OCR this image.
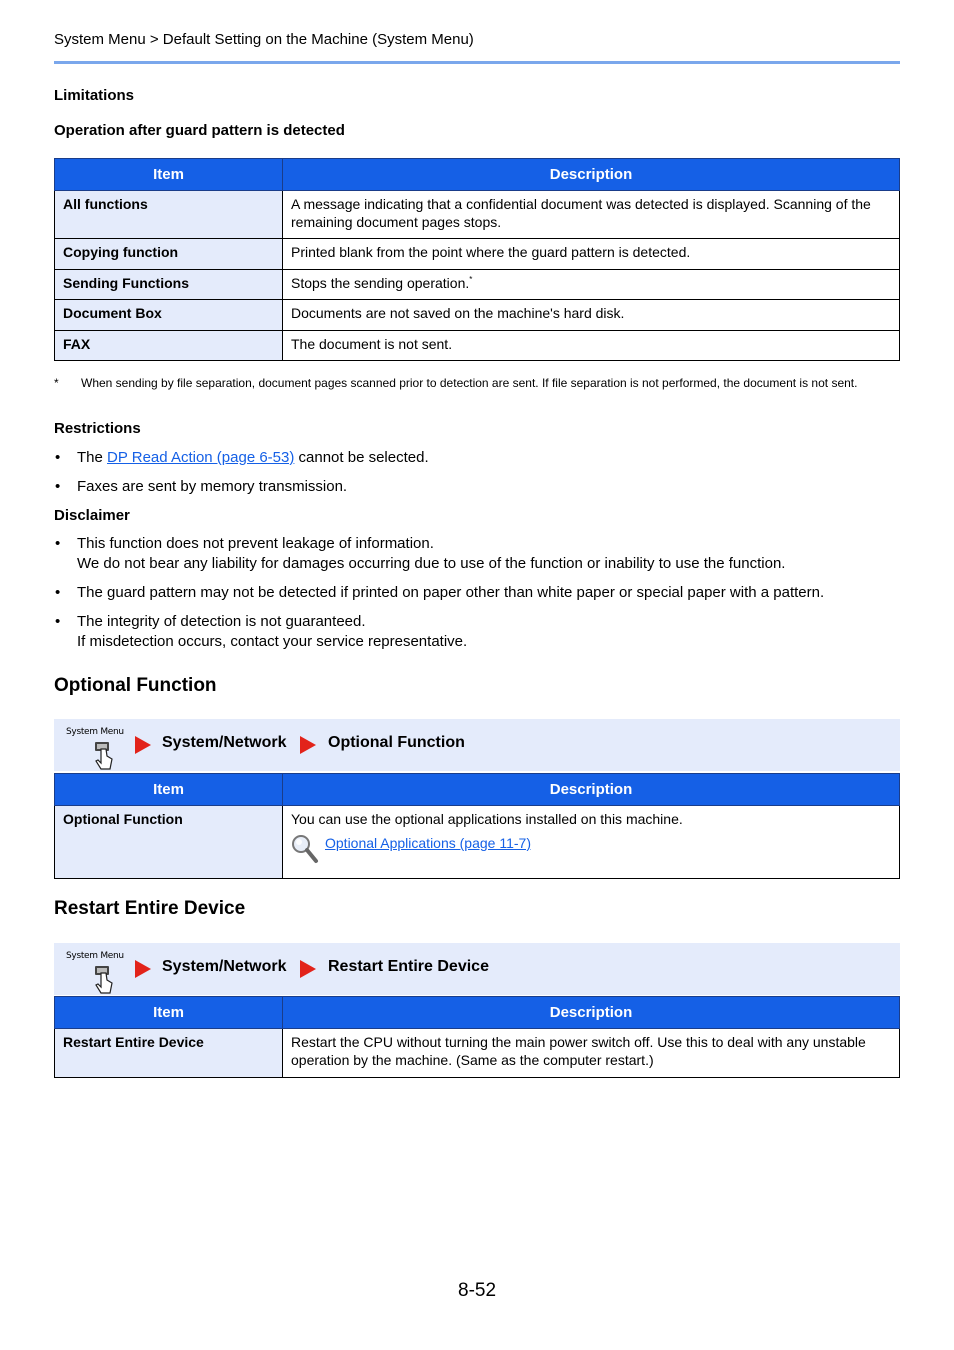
System Menu > Default Setting on the Machine (System Menu)
Limitations
Operation after guard pattern is detected
Item	Description
All functions	A message indicating that a confidential document was detected is displayed. Scanning of the remaining document pages stops.
Copying function	Printed blank from the point where the guard pattern is detected.
Sending Functions	Stops the sending operation.*
Document Box	Documents are not saved on the machine's hard disk.
FAX	The document is not sent.
* When sending by file separation, document pages scanned prior to detection are sent. If file separation is not performed, the document is not sent.
Restrictions
• The DP Read Action (page 6-53) cannot be selected.
• Faxes are sent by memory transmission.
Disclaimer
• This function does not prevent leakage of information.
We do not bear any liability for damages occurring due to use of the function or inability to use the function.
• The guard pattern may not be detected if printed on paper other than white paper or special paper with a pattern.
• The integrity of detection is not guaranteed.
If misdetection occurs, contact your service representative.
Optional Function
System Menu
System/Network	Optional Function
Item	Description
Optional Function	You can use the optional applications installed on this machine.
Optional Applications (page 11-7)
Restart Entire Device
System Menu
System/Network	Restart Entire Device
Item	Description
Restart Entire Device	Restart the CPU without turning the main power switch off. Use this to deal with any unstable operation by the machine. (Same as the computer restart.)
8-52
